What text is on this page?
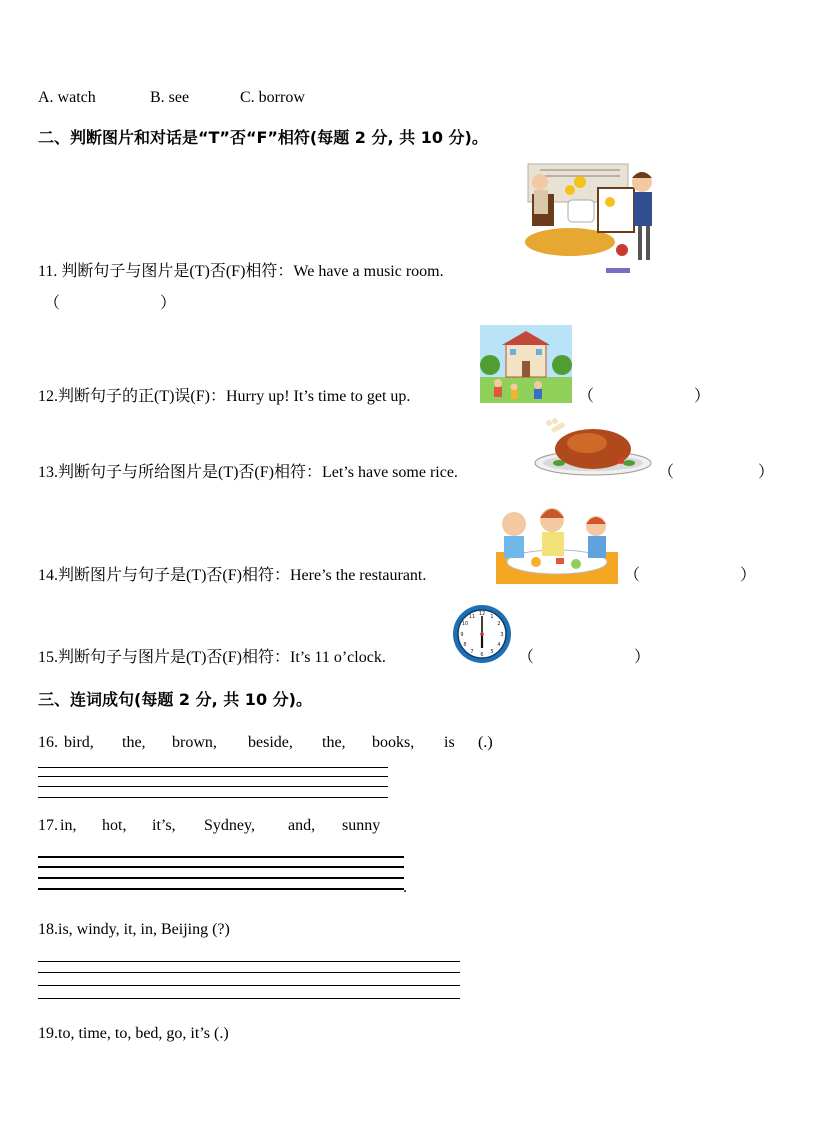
A. watch	B. see	C. borrow
二、判断图片和对话是“T”否“F”相符(每题 2 分, 共 10 分)。
11. 判断句子与图片是(T)否(F)相符：We have a music room.
（ ）
12.判断句子的正(T)误(F)：Hurry up! It’s time to get up.	（ ）
13.判断句子与所给图片是(T)否(F)相符：Let’s have some rice.	（ ）
14.判断图片与句子是(T)否(F)相符：Here’s the restaurant.	（ ）
12 1
2
3
4
5
6
7
8
9
10
11
15.判断句子与图片是(T)否(F)相符：It’s 11 o’clock.	（ ）
三、连词成句(每题 2 分, 共 10 分)。
16. bird, the, brown, beside, the, books, is (.)
17. in, hot, it’s, Sydney, and, sunny
.
18.is, windy, it, in, Beijing (?)
19.to, time, to, bed, go, it’s (.)
